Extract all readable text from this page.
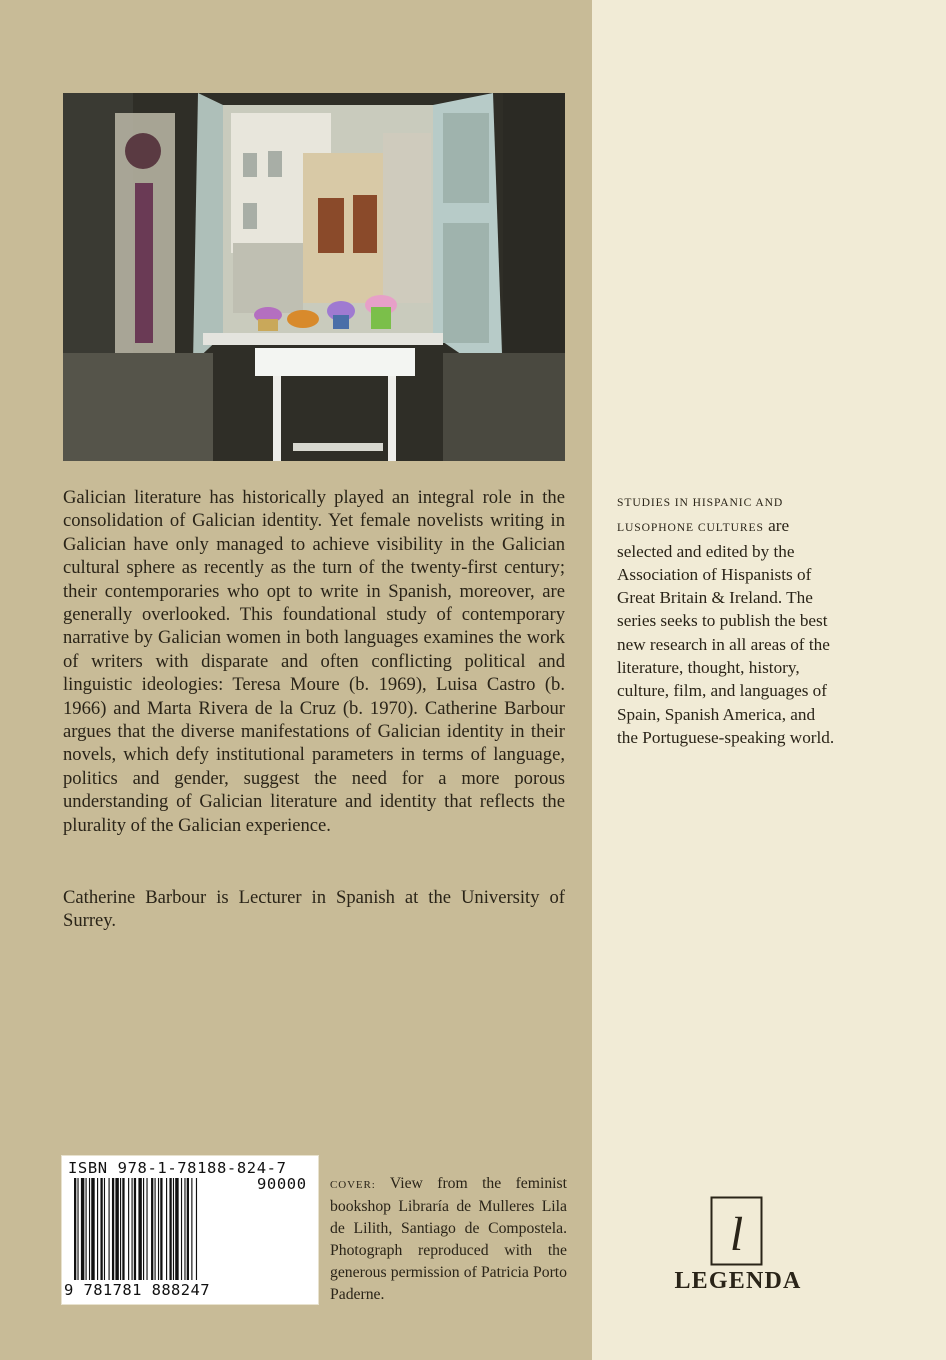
Galician literature has historically played an integral role in the consolidation of Galician identity. Yet female novelists writing in Galician have only managed to achieve visibility in the Galician cultural sphere as recently as the turn of the twenty-first century; their contemporaries who opt to write in Spanish, moreover, are generally overlooked. This foundational study of contemporary narrative by Galician women in both languages examines the work of writers with disparate and often conflicting political and linguistic ideologies: Teresa Moure (b. 1969), Luisa Castro (b. 1966) and Marta Rivera de la Cruz (b. 1970). Catherine Barbour argues that the diverse manifestations of Galician identity in their novels, which defy institutional parameters in terms of language, politics and gender, suggest the need for a more porous understanding of Galician literature and identity that reflects the plurality of the Galician experience.

Catherine Barbour is Lecturer in Spanish at the University of Surrey.

STUDIES IN HISPANIC AND LUSOPHONE CULTURES are selected and edited by the Association of Hispanists of Great Britain & Ireland. The series seeks to publish the best new research in all areas of the literature, thought, history, culture, film, and languages of Spain, Spanish America, and the Portuguese-speaking world.

ISBN 978-1-78188-824-7
90000
9 781781 888247

COVER: View from the feminist bookshop Libraría de Mulleres Lila de Lilith, Santiago de Compostela. Photograph reproduced with the generous permission of Patricia Porto Paderne.

l
LEGENDA
